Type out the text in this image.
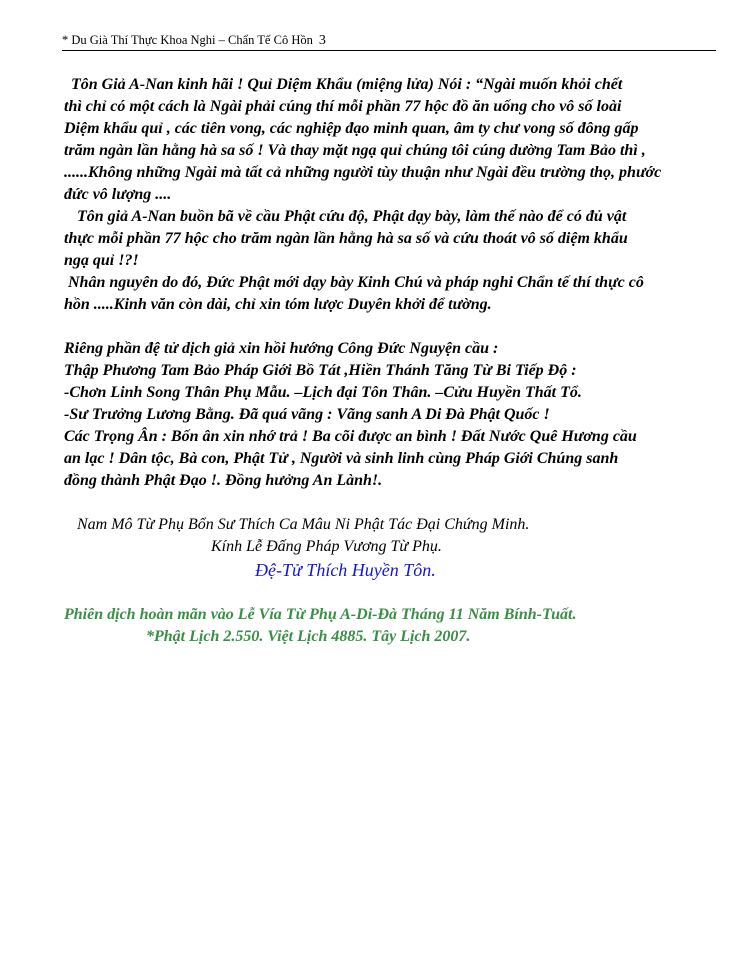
* Du Già Thí Thực Khoa Nghi – Chẩn Tế Cô Hồn 3

Tôn Giả A-Nan kinh hãi ! Quỉ Diệm Khẩu (miệng lửa) Nói : “Ngài muốn khỏi chết

thì chỉ có một cách là Ngài phải cúng thí mỗi phần 77 hộc đồ ăn uống cho vô số loài

Diệm khẩu quỉ , các tiên vong, các nghiệp đạo minh quan, âm ty chư vong số đông gấp

trăm ngàn lần hằng hà sa số ! Và thay mặt ngạ quỉ chúng tôi cúng dường Tam Bảo thì ,

......Không những Ngài mà tất cả những người tùy thuận như Ngài đều trường thọ, phước

đức vô lượng ....

Tôn giả A-Nan buồn bã về cầu Phật cứu độ, Phật dạy bày, làm thế nào để có đủ vật

thực mỗi phần 77 hộc cho trăm ngàn lần hằng hà sa số và cứu thoát vô số diệm khẩu

ngạ quỉ !?!

Nhân nguyên do đó, Đức Phật mới dạy bày Kinh Chú và pháp nghi Chẩn tế thí thực cô

hồn .....Kinh văn còn dài, chỉ xin tóm lược Duyên khởi để tường.

Riêng phần đệ tử dịch giả xin hồi hướng Công Đức Nguyện cầu :

Thập Phương Tam Bảo Pháp Giới Bồ Tát ,Hiền Thánh Tăng Từ Bi Tiếp Độ :

-Chơn Linh Song Thân Phụ Mẫu. –Lịch đại Tôn Thân. –Cửu Huyền Thất Tổ.

-Sư Trưởng Lương Bằng. Đã quá vãng : Vãng sanh A Di Đà Phật Quốc !

Các Trọng Ân : Bốn ân xin nhớ trả ! Ba cõi được an bình ! Đất Nước Quê Hương cầu

an lạc ! Dân tộc, Bà con, Phật Tử , Người và sinh linh cùng Pháp Giới Chúng sanh

đồng thành Phật Đạo !. Đồng hưởng An Lành!.

Nam Mô Từ Phụ Bổn Sư Thích Ca Mâu Ni Phật Tác Đại Chứng Minh.

Kính Lễ Đấng Pháp Vương Từ Phụ.

Đệ-Tử Thích Huyền Tôn.

Phiên dịch hoàn mãn vào Lễ Vía Từ Phụ A-Di-Đà Tháng 11 Năm Bính-Tuất.

*Phật Lịch 2.550. Việt Lịch 4885. Tây Lịch 2007.
